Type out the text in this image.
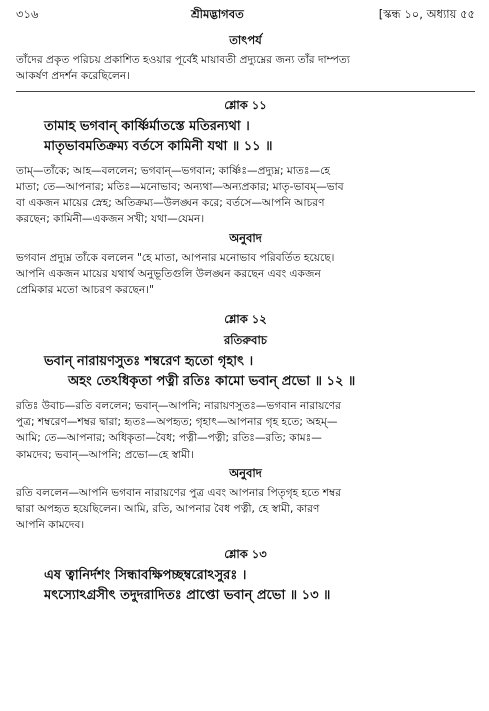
৩১৬	শ্রীমদ্ভাগবত	[স্কন্ধ ১০, অধ্যায় ৫৫
তাৎপর্য

তাঁদের প্রকৃত পরিচয় প্রকাশিত হওয়ার পূর্বেই মায়াবতী প্রদ্যুম্নের জন্য তাঁর দাম্পত্য

আকর্ষণ প্রদর্শন করেছিলেন।

শ্লোক ১১
তামাহ ভগবান্ কার্ষ্ণির্মাতস্তে মতিরন্যথা ।
মাতৃভাবমতিক্রম্য বর্তসে কামিনী যথা ॥ ১১ ॥

তাম্—তাঁকে; আহ—বললেন; ভগবান্—ভগবান; কার্ষ্ণিঃ—প্রদ্যুম্ন; মাতঃ—হে

মাতা; তে—আপনার; মতিঃ—মনোভাব; অন্যথা—অন্যপ্রকার; মাতৃ-ভাবম্—ভাব

বা একজন মায়ের স্নেহ; অতিক্রম্য—উলঙ্ঘন করে; বর্তসে—আপনি আচরণ

করছেন; কামিনী—একজন সখী; যথা—যেমন।

অনুবাদ

ভগবান প্রদ্যুম্ন তাঁকে বললেন "হে মাতা, আপনার মনোভাব পরিবর্তিত হয়েছে।

আপনি একজন মায়ের যথার্থ অনুভূতিগুলি উলঙ্ঘন করছেন এবং একজন

প্রেমিকার মতো আচরণ করছেন।"

শ্লোক ১২
রতিরুবাচ
ভবান্ নারায়ণসুতঃ শম্বরেণ হৃতো গৃহাৎ ।
অহং তেঽধিকৃতা পত্নী রতিঃ কামো ভবান্ প্রভো ॥ ১২ ॥

রতিঃ উবাচ—রতি বললেন; ভবান্—আপনি; নারায়ণসুতঃ—ভগবান নারায়ণের

পুত্র; শম্বরেণ—শম্বর দ্বারা; হৃতঃ—অপহৃত; গৃহাৎ—আপনার গৃহ হতে; অহম্—

আমি; তে—আপনার; অধিকৃতা—বৈধ; পত্নী—পত্নী; রতিঃ—রতি; কামঃ—

কামদেব; ভবান্—আপনি; প্রভো—হে স্বামী।

অনুবাদ

রতি বললেন—আপনি ভগবান নারায়ণের পুত্র এবং আপনার পিতৃগৃহ হতে শম্বর

দ্বারা অপহৃত হয়েছিলেন। আমি, রতি, আপনার বৈধ পত্নী, হে স্বামী, কারণ

আপনি কামদেব।

শ্লোক ১৩
এষ ত্বানির্দশং সিন্ধাবক্ষিপচ্ছম্বরোঽসুরঃ ।
মৎস্যোঽগ্রসীৎ তদুদরাদিতঃ প্রাপ্তো ভবান্ প্রভো ॥ ১৩ ॥
